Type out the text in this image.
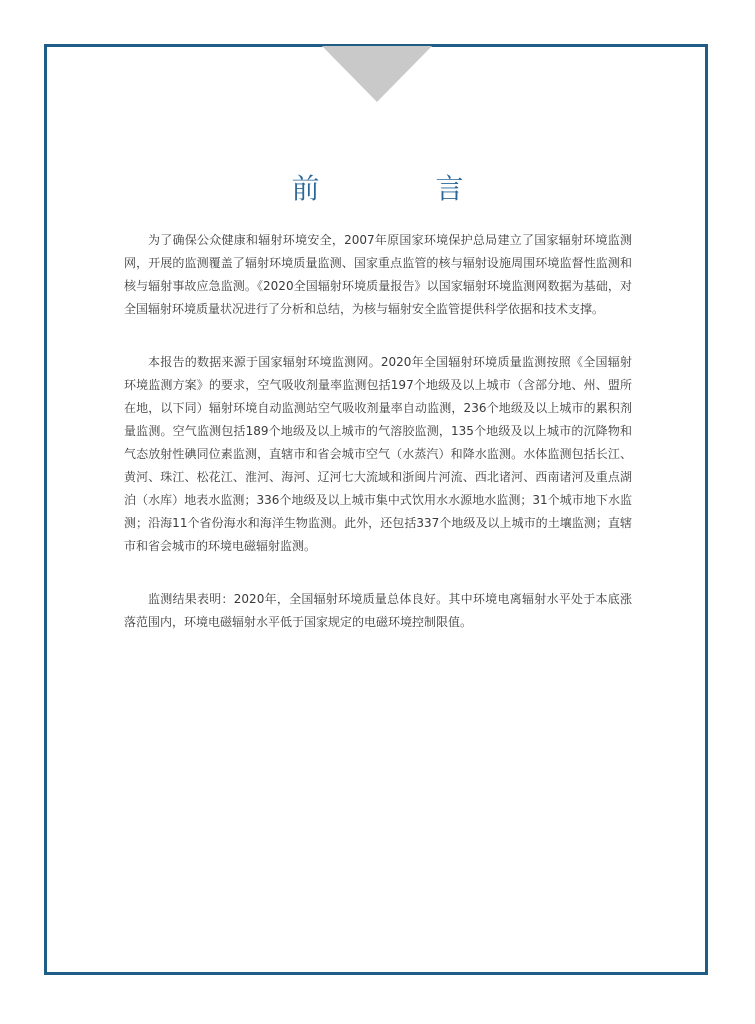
前　言

为了确保公众健康和辐射环境安全，2007年原国家环境保护总局建立了国家辐射环境监测网，开展的监测覆盖了辐射环境质量监测、国家重点监管的核与辐射设施周围环境监督性监测和核与辐射事故应急监测。《2020全国辐射环境质量报告》以国家辐射环境监测网数据为基础，对全国辐射环境质量状况进行了分析和总结，为核与辐射安全监管提供科学依据和技术支撑。

本报告的数据来源于国家辐射环境监测网。2020年全国辐射环境质量监测按照《全国辐射环境监测方案》的要求，空气吸收剂量率监测包括197个地级及以上城市（含部分地、州、盟所在地，以下同）辐射环境自动监测站空气吸收剂量率自动监测，236个地级及以上城市的累积剂量监测。空气监测包括189个地级及以上城市的气溶胶监测，135个地级及以上城市的沉降物和气态放射性碘同位素监测，直辖市和省会城市空气（水蒸汽）和降水监测。水体监测包括长江、黄河、珠江、松花江、淮河、海河、辽河七大流域和浙闽片河流、西北诸河、西南诸河及重点湖泊（水库）地表水监测；336个地级及以上城市集中式饮用水水源地水监测；31个城市地下水监测；沿海11个省份海水和海洋生物监测。此外，还包括337个地级及以上城市的土壤监测；直辖市和省会城市的环境电磁辐射监测。

监测结果表明：2020年，全国辐射环境质量总体良好。其中环境电离辐射水平处于本底涨落范围内，环境电磁辐射水平低于国家规定的电磁环境控制限值。
